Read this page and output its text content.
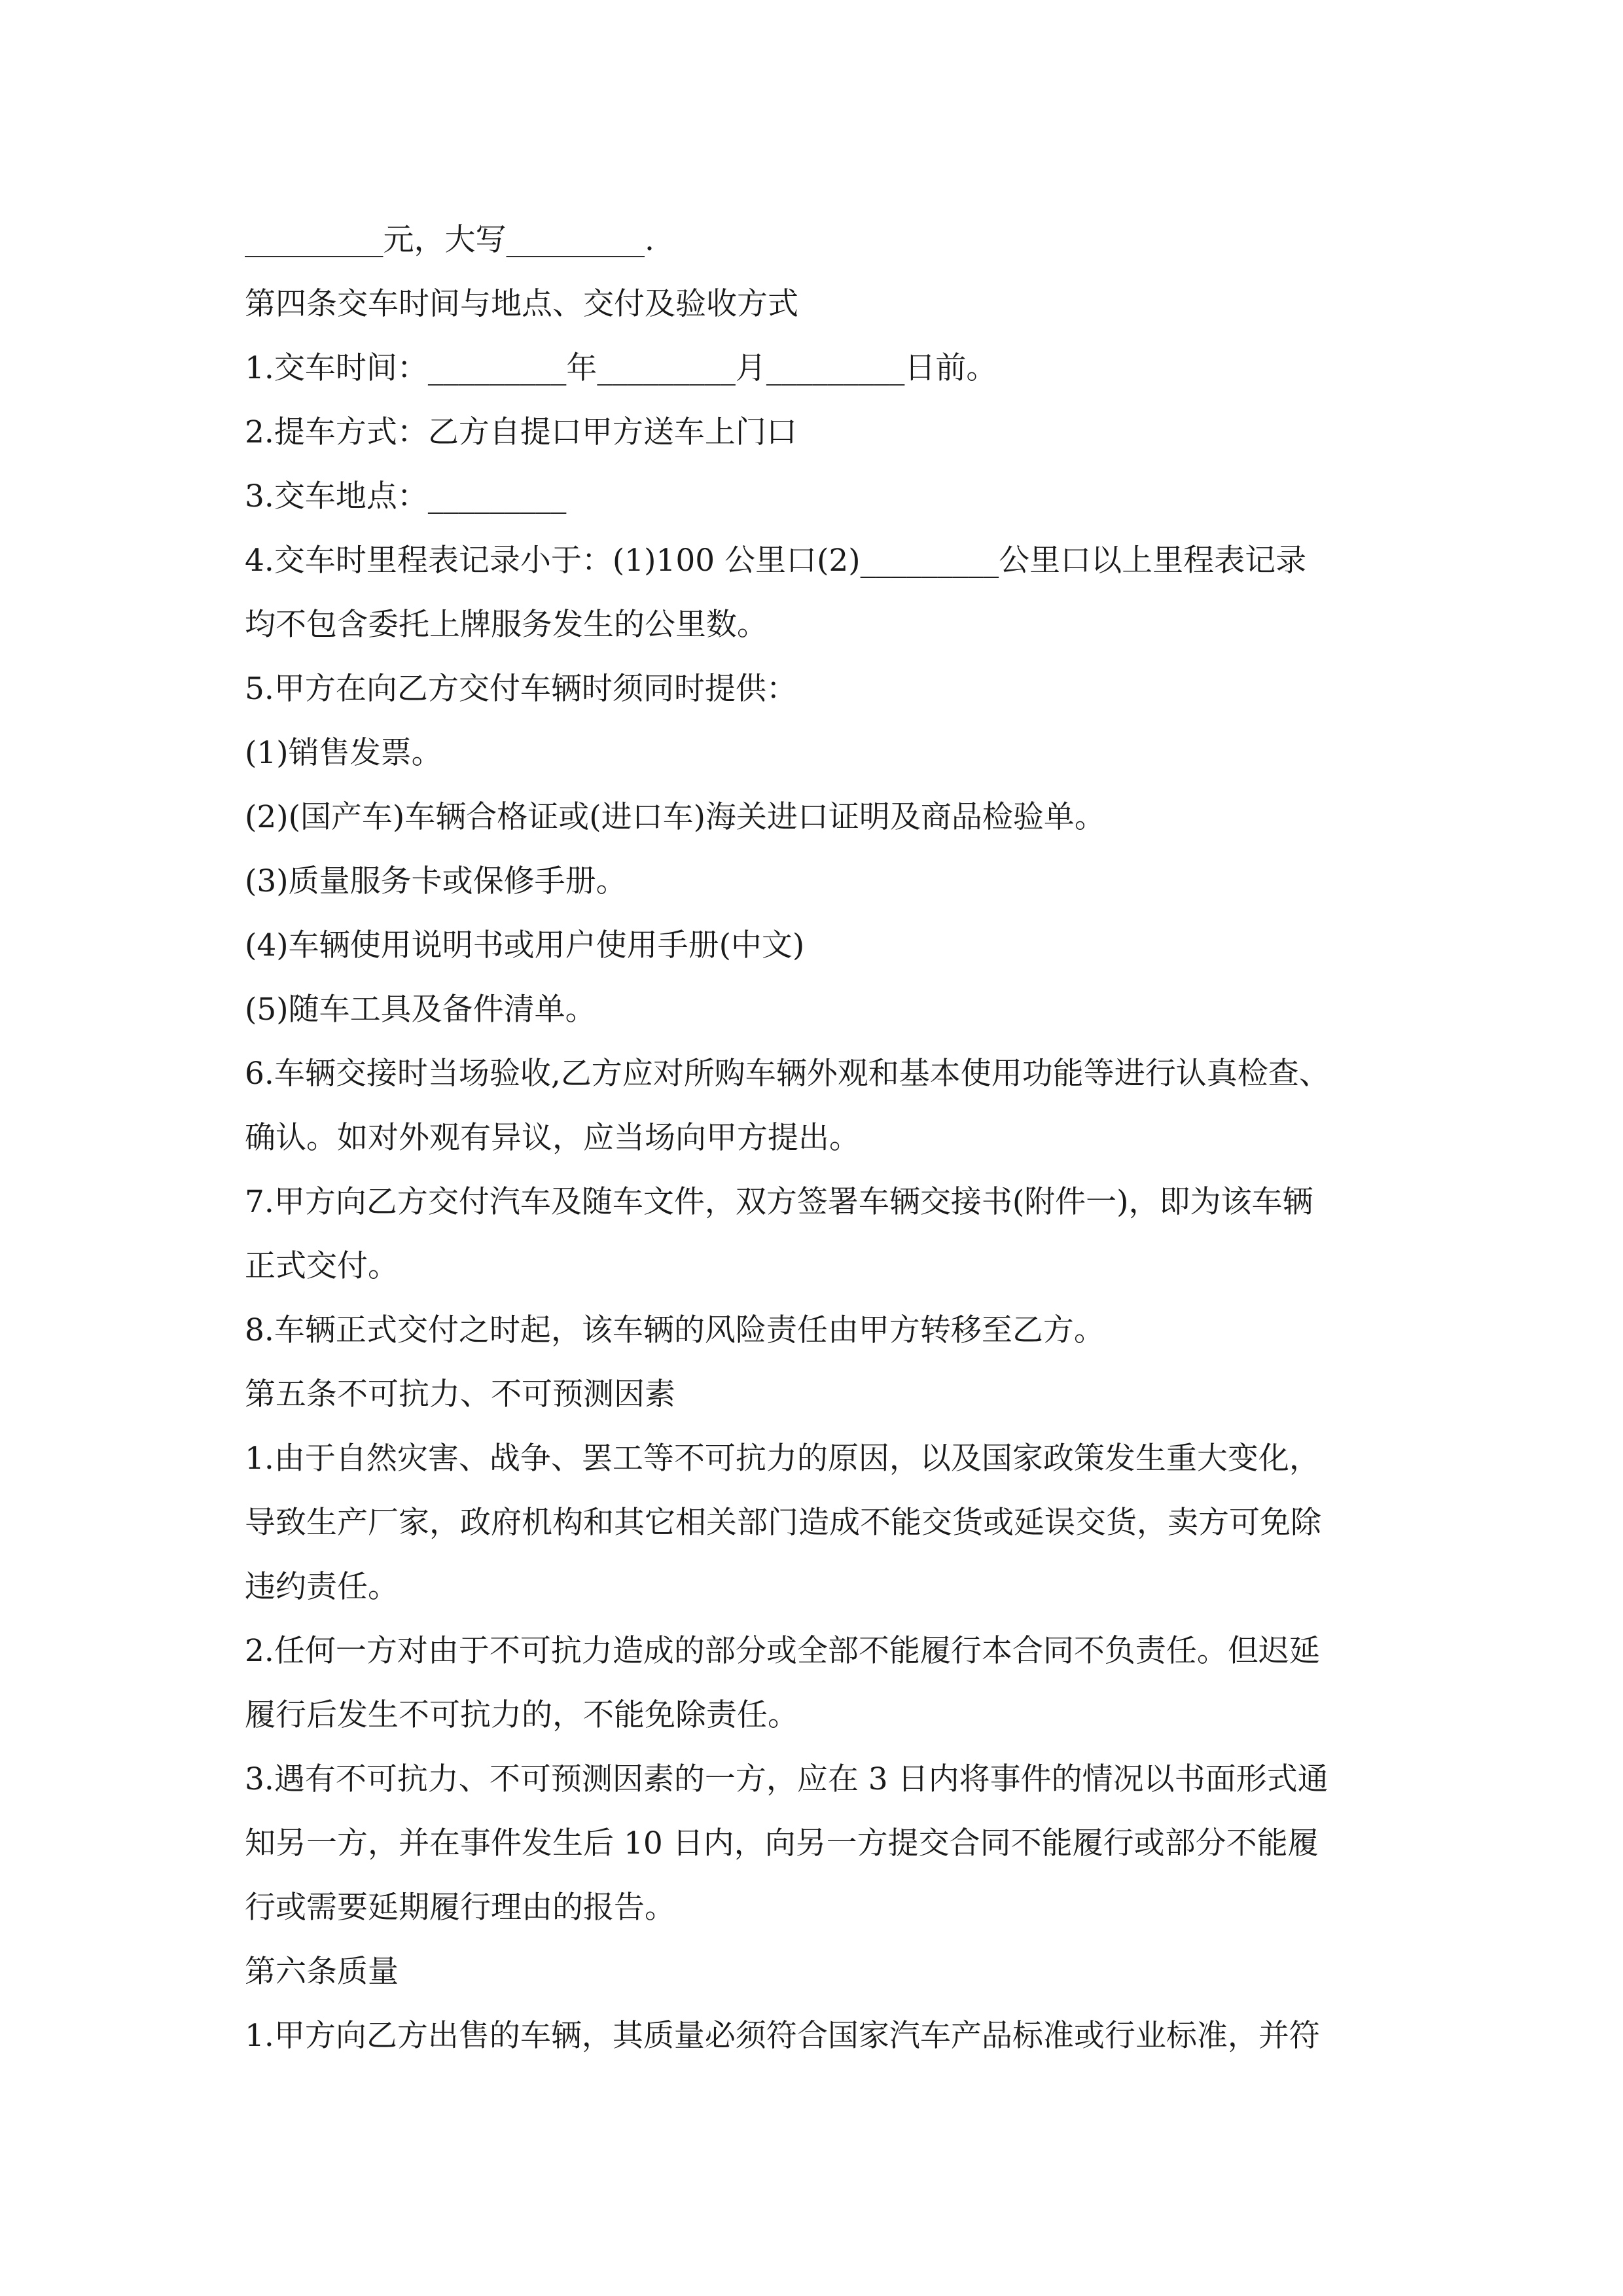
_________元，大写_________.
第四条交车时间与地点、交付及验收方式
1.交车时间：_________年_________月_________日前。
2.提车方式：乙方自提口甲方送车上门口
3.交车地点：_________
4.交车时里程表记录小于：(1)100 公里口(2)_________公里口以上里程表记录
均不包含委托上牌服务发生的公里数。
5.甲方在向乙方交付车辆时须同时提供：
(1)销售发票。
(2)(国产车)车辆合格证或(进口车)海关进口证明及商品检验单。
(3)质量服务卡或保修手册。
(4)车辆使用说明书或用户使用手册(中文)
(5)随车工具及备件清单。
6.车辆交接时当场验收,乙方应对所购车辆外观和基本使用功能等进行认真检查、
确认。如对外观有异议，应当场向甲方提出。
7.甲方向乙方交付汽车及随车文件，双方签署车辆交接书(附件一)，即为该车辆
正式交付。
8.车辆正式交付之时起，该车辆的风险责任由甲方转移至乙方。
第五条不可抗力、不可预测因素
1.由于自然灾害、战争、罢工等不可抗力的原因，以及国家政策发生重大变化，
导致生产厂家，政府机构和其它相关部门造成不能交货或延误交货，卖方可免除
违约责任。
2.任何一方对由于不可抗力造成的部分或全部不能履行本合同不负责任。但迟延
履行后发生不可抗力的，不能免除责任。
3.遇有不可抗力、不可预测因素的一方，应在 3 日内将事件的情况以书面形式通
知另一方，并在事件发生后 10 日内，向另一方提交合同不能履行或部分不能履
行或需要延期履行理由的报告。
第六条质量
1.甲方向乙方出售的车辆，其质量必须符合国家汽车产品标准或行业标准，并符
